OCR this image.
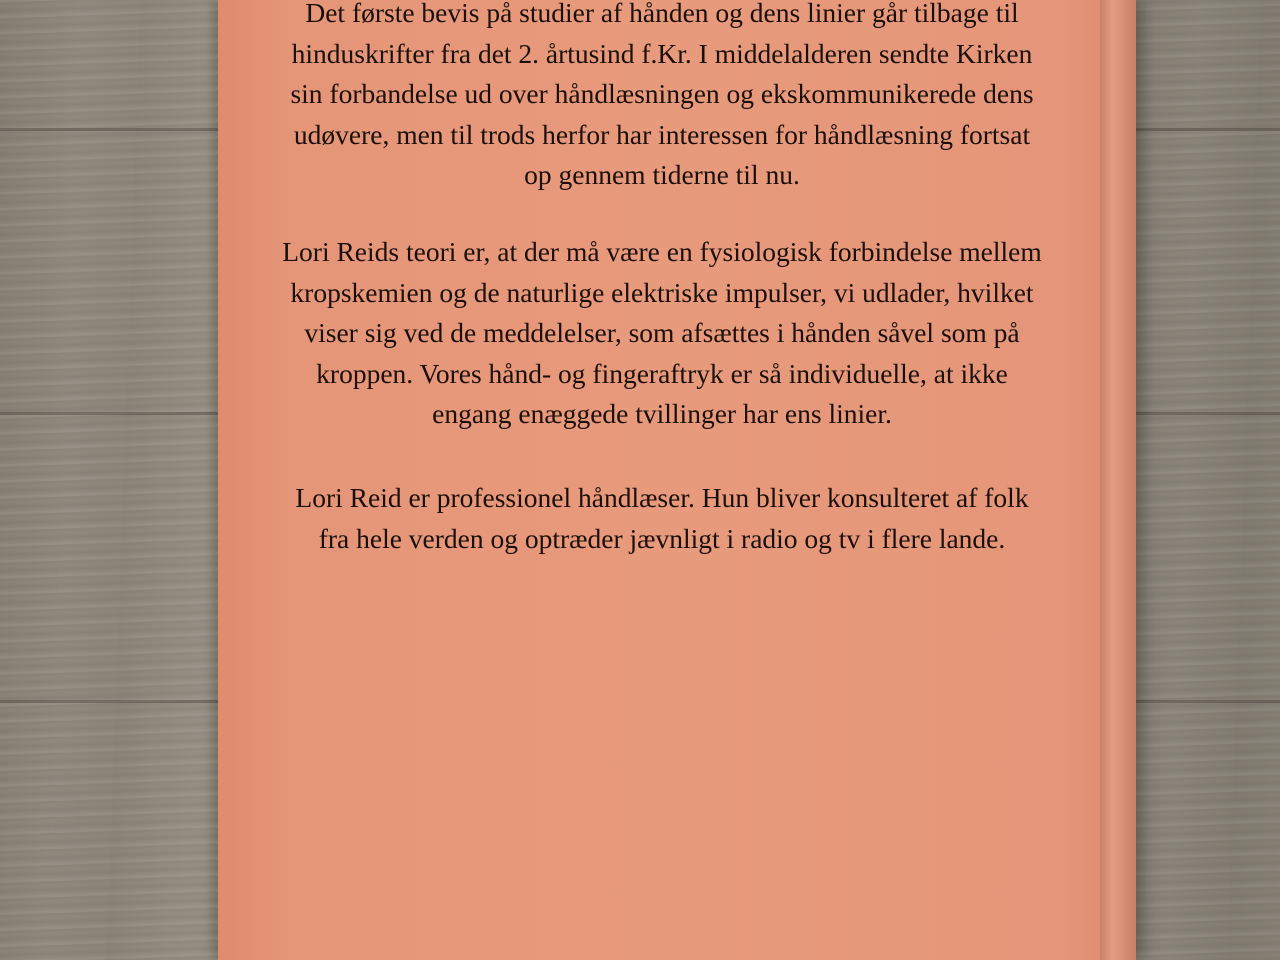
Det første bevis på studier af hånden og dens linier går tilbage til
hinduskrifter fra det 2. årtusind f.Kr. I middelalderen sendte Kirken
sin forbandelse ud over håndlæsningen og ekskommunikerede dens
udøvere, men til trods herfor har interessen for håndlæsning fortsat
op gennem tiderne til nu.
Lori Reids teori er, at der må være en fysiologisk forbindelse mellem
kropskemien og de naturlige elektriske impulser, vi udlader, hvilket
viser sig ved de meddelelser, som afsættes i hånden såvel som på
kroppen. Vores hånd- og fingeraftryk er så individuelle, at ikke
engang enæggede tvillinger har ens linier.
Lori Reid er professionel håndlæser. Hun bliver konsulteret af folk
fra hele verden og optræder jævnligt i radio og tv i flere lande.
